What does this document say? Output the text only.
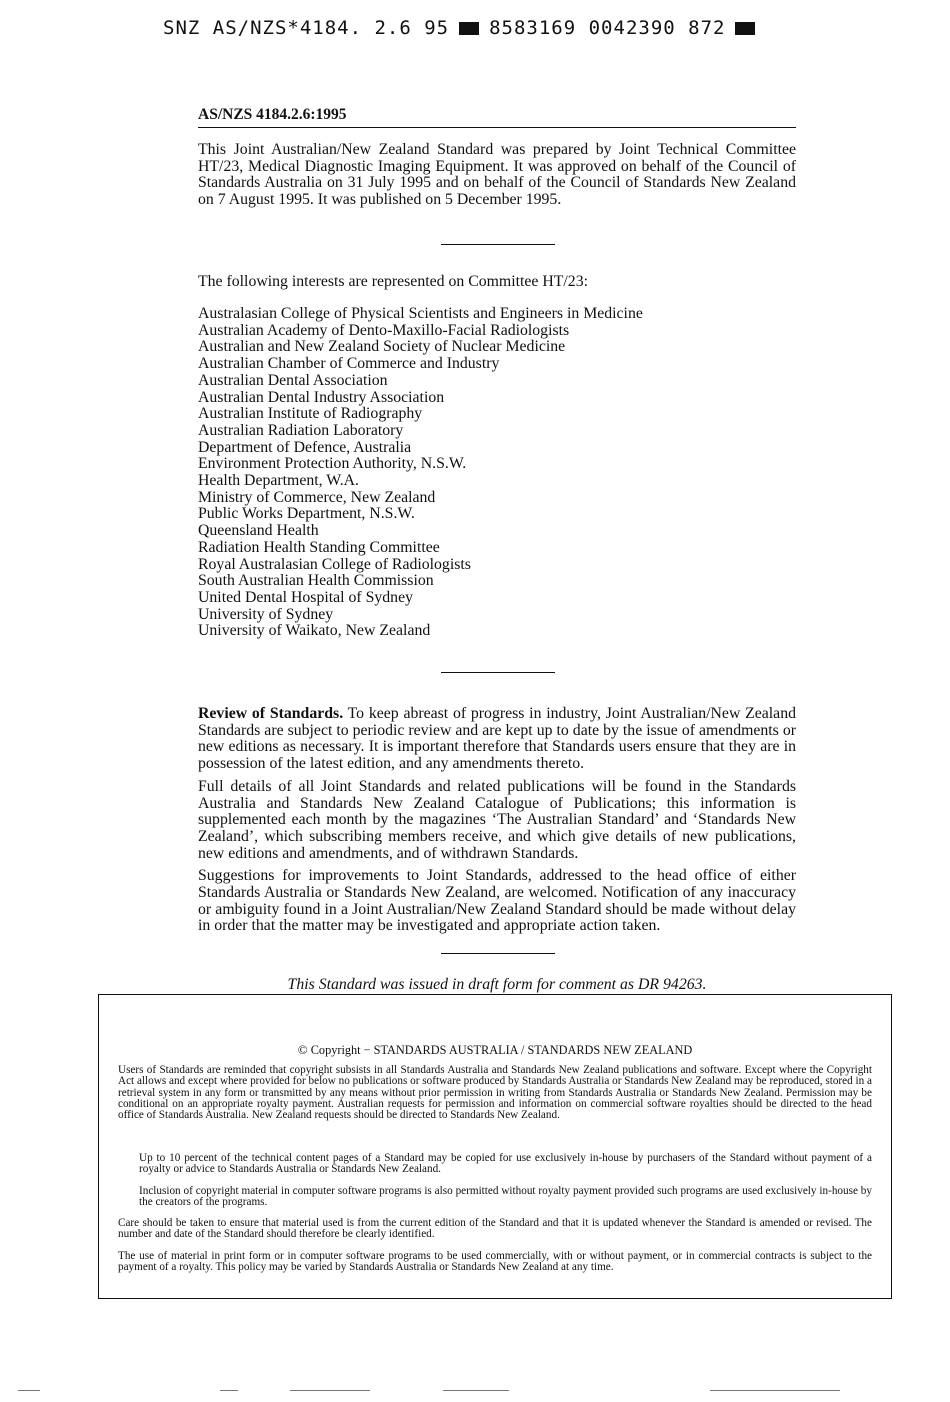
SNZ AS/NZS*4184. 2.6 95 8583169 0042390 872
AS/NZS 4184.2.6:1995
This Joint Australian/New Zealand Standard was prepared by Joint Technical Committee HT/23, Medical Diagnostic Imaging Equipment. It was approved on behalf of the Council of Standards Australia on 31 July 1995 and on behalf of the Council of Standards New Zealand on 7 August 1995. It was published on 5 December 1995.
The following interests are represented on Committee HT/23:
Australasian College of Physical Scientists and Engineers in Medicine
Australian Academy of Dento-Maxillo-Facial Radiologists
Australian and New Zealand Society of Nuclear Medicine
Australian Chamber of Commerce and Industry
Australian Dental Association
Australian Dental Industry Association
Australian Institute of Radiography
Australian Radiation Laboratory
Department of Defence, Australia
Environment Protection Authority, N.S.W.
Health Department, W.A.
Ministry of Commerce, New Zealand
Public Works Department, N.S.W.
Queensland Health
Radiation Health Standing Committee
Royal Australasian College of Radiologists
South Australian Health Commission
United Dental Hospital of Sydney
University of Sydney
University of Waikato, New Zealand

Review of Standards. To keep abreast of progress in industry, Joint Australian/New Zealand Standards are subject to periodic review and are kept up to date by the issue of amendments or new editions as necessary. It is important therefore that Standards users ensure that they are in possession of the latest edition, and any amendments thereto.

Full details of all Joint Standards and related publications will be found in the Standards Australia and Standards New Zealand Catalogue of Publications; this information is supplemented each month by the magazines ‘The Australian Standard’ and ‘Standards New Zealand’, which subscribing members receive, and which give details of new publications, new editions and amendments, and of withdrawn Standards.

Suggestions for improvements to Joint Standards, addressed to the head office of either Standards Australia or Standards New Zealand, are welcomed. Notification of any inaccuracy or ambiguity found in a Joint Australian/New Zealand Standard should be made without delay in order that the matter may be investigated and appropriate action taken.

This Standard was issued in draft form for comment as DR 94263.
© Copyright − STANDARDS AUSTRALIA / STANDARDS NEW ZEALAND

Users of Standards are reminded that copyright subsists in all Standards Australia and Standards New Zealand publications and software. Except where the Copyright Act allows and except where provided for below no publications or software produced by Standards Australia or Standards New Zealand may be reproduced, stored in a retrieval system in any form or transmitted by any means without prior permission in writing from Standards Australia or Standards New Zealand. Permission may be conditional on an appropriate royalty payment. Australian requests for permission and information on commercial software royalties should be directed to the head office of Standards Australia. New Zealand requests should be directed to Standards New Zealand.

Up to 10 percent of the technical content pages of a Standard may be copied for use exclusively in-house by purchasers of the Standard without payment of a royalty or advice to Standards Australia or Standards New Zealand.

Inclusion of copyright material in computer software programs is also permitted without royalty payment provided such programs are used exclusively in-house by the creators of the programs.

Care should be taken to ensure that material used is from the current edition of the Standard and that it is updated whenever the Standard is amended or revised. The number and date of the Standard should therefore be clearly identified.

The use of material in print form or in computer software programs to be used commercially, with or without payment, or in commercial contracts is subject to the payment of a royalty. This policy may be varied by Standards Australia or Standards New Zealand at any time.
